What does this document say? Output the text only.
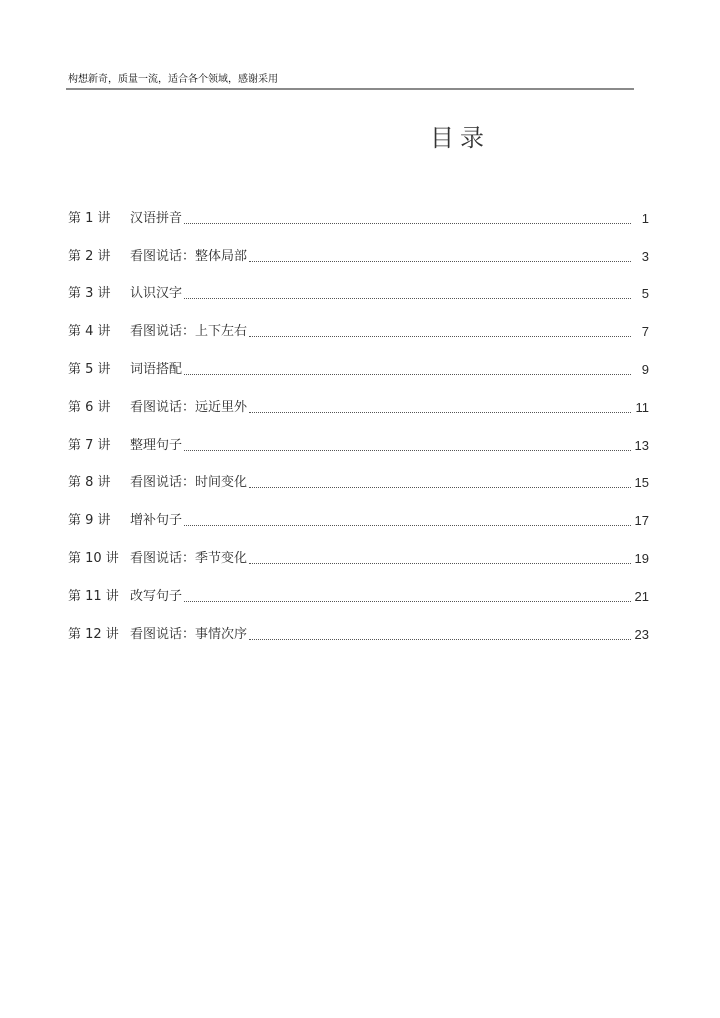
构想新奇，质量一流，适合各个领域，感谢采用
目录
第 1 讲	汉语拼音	1
第 2 讲	看图说话：整体局部	3
第 3 讲	认识汉字	5
第 4 讲	看图说话：上下左右	7
第 5 讲	词语搭配	9
第 6 讲	看图说话：远近里外	11
第 7 讲	整理句子	13
第 8 讲	看图说话：时间变化	15
第 9 讲	增补句子	17
第 10 讲 看图说话：季节变化	19
第 11 讲 改写句子	21
第 12 讲 看图说话：事情次序	23
